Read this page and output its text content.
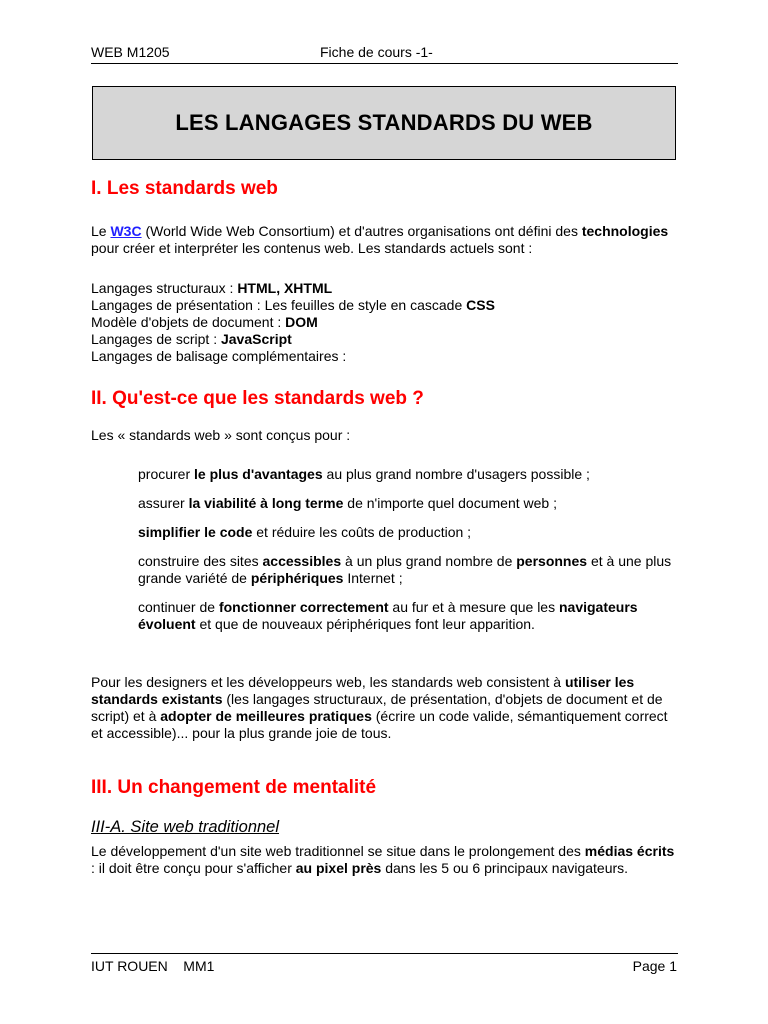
WEB M1205	Fiche de cours -1-
LES LANGAGES STANDARDS DU WEB
I. Les standards web
Le W3C (World Wide Web Consortium) et d'autres organisations ont défini des technologies pour créer et interpréter les contenus web. Les standards actuels sont :
Langages structuraux : HTML, XHTML
Langages de présentation : Les feuilles de style en cascade CSS
Modèle d'objets de document : DOM
Langages de script : JavaScript
Langages de balisage complémentaires :
II. Qu'est-ce que les standards web ?
Les « standards web » sont conçus pour :
procurer le plus d'avantages au plus grand nombre d'usagers possible ;
assurer la viabilité à long terme de n'importe quel document web ;
simplifier le code et réduire les coûts de production ;
construire des sites accessibles à un plus grand nombre de personnes et à une plus grande variété de périphériques Internet ;
continuer de fonctionner correctement au fur et à mesure que les navigateurs évoluent et que de nouveaux périphériques font leur apparition.
Pour les designers et les développeurs web, les standards web consistent à utiliser les standards existants (les langages structuraux, de présentation, d'objets de document et de script) et à adopter de meilleures pratiques (écrire un code valide, sémantiquement correct et accessible)... pour la plus grande joie de tous.
III. Un changement de mentalité
III-A. Site web traditionnel
Le développement d'un site web traditionnel se situe dans le prolongement des médias écrits : il doit être conçu pour s'afficher au pixel près dans les 5 ou 6 principaux navigateurs.
IUT ROUEN    MM1	Page 1
